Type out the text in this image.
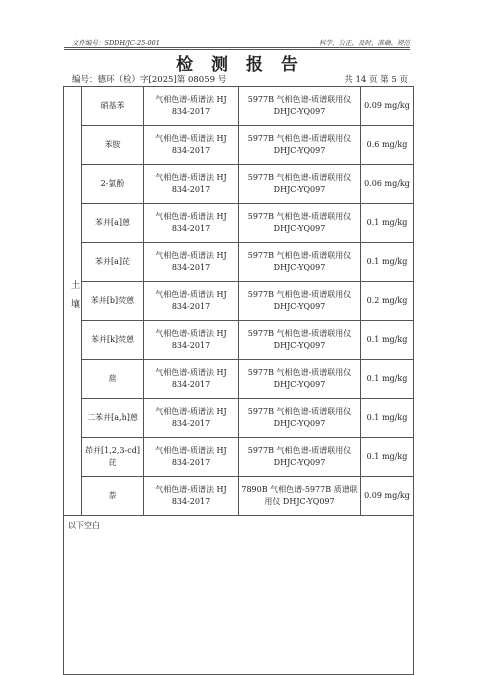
文件编号：SDDH/JC-25-001	科学、公正、及时、准确、规范
检 测 报 告
编号：德环（检）字[2025]第 08059 号	共 14 页 第 5 页
土壤	硝基苯	气相色谱-质谱法 HJ 834-2017	5977B 气相色谱-质谱联用仪 DHJC-YQ097	0.09 mg/kg
	苯胺	气相色谱-质谱法 HJ 834-2017	5977B 气相色谱-质谱联用仪 DHJC-YQ097	0.6 mg/kg
	2-氯酚	气相色谱-质谱法 HJ 834-2017	5977B 气相色谱-质谱联用仪 DHJC-YQ097	0.06 mg/kg
	苯并[a]蒽	气相色谱-质谱法 HJ 834-2017	5977B 气相色谱-质谱联用仪 DHJC-YQ097	0.1 mg/kg
	苯并[a]芘	气相色谱-质谱法 HJ 834-2017	5977B 气相色谱-质谱联用仪 DHJC-YQ097	0.1 mg/kg
	苯并[b]荧蒽	气相色谱-质谱法 HJ 834-2017	5977B 气相色谱-质谱联用仪 DHJC-YQ097	0.2 mg/kg
	苯并[k]荧蒽	气相色谱-质谱法 HJ 834-2017	5977B 气相色谱-质谱联用仪 DHJC-YQ097	0.1 mg/kg
	䓛	气相色谱-质谱法 HJ 834-2017	5977B 气相色谱-质谱联用仪 DHJC-YQ097	0.1 mg/kg
	二苯并[a,h]蒽	气相色谱-质谱法 HJ 834-2017	5977B 气相色谱-质谱联用仪 DHJC-YQ097	0.1 mg/kg
	茚并[1,2,3-cd]芘	气相色谱-质谱法 HJ 834-2017	5977B 气相色谱-质谱联用仪 DHJC-YQ097	0.1 mg/kg
	萘	气相色谱-质谱法 HJ 834-2017	7890B 气相色谱-5977B 质谱联用仪 DHJC-YQ097	0.09 mg/kg
以下空白				
